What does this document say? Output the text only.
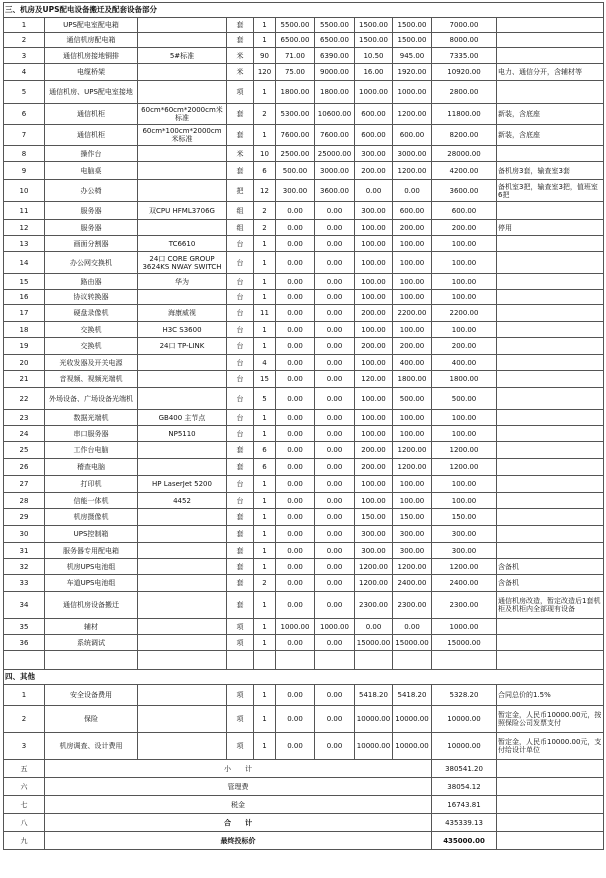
三、机房及UPS配电设备搬迁及配套设备部分										
1	UPS配电室配电箱		套	1	5500.00	5500.00	1500.00	1500.00	7000.00	
2	通信机房配电箱		套	1	6500.00	6500.00	1500.00	1500.00	8000.00	
3	通信机房接地铜排	5#标准	米	90	71.00	6390.00	10.50	945.00	7335.00	
4	电缆桥架		米	120	75.00	9000.00	16.00	1920.00	10920.00	电力、通信分开，含辅材等
5	通信机房、UPS配电室接地		项	1	1800.00	1800.00	1000.00	1000.00	2800.00	
6	通信机柜	60cm*60cm*2000cm米标准	套	2	5300.00	10600.00	600.00	1200.00	11800.00	新装，含底座
7	通信机柜	60cm*100cm*2000cm米标准	套	1	7600.00	7600.00	600.00	600.00	8200.00	新装，含底座
8	操作台		米	10	2500.00	25000.00	300.00	3000.00	28000.00	
9	电脑桌		套	6	500.00	3000.00	200.00	1200.00	4200.00	备机房3套，输查室3套
10	办公椅		把	12	300.00	3600.00	0.00	0.00	3600.00	备机室3把，输查室3把，值班室6把
11	服务器	双CPU HFML3706G	组	2	0.00	0.00	300.00	600.00	600.00	
12	服务器		组	2	0.00	0.00	100.00	200.00	200.00	停用
13	画面分割器	TC6610	台	1	0.00	0.00	100.00	100.00	100.00	
14	办公网交换机	24口 CORE GROUP 3624KS NWAY SWITCH	台	1	0.00	0.00	100.00	100.00	100.00	
15	路由器	华为	台	1	0.00	0.00	100.00	100.00	100.00	
16	协议转换器		台	1	0.00	0.00	100.00	100.00	100.00	
17	硬盘录像机	海康威视	台	11	0.00	0.00	200.00	2200.00	2200.00	
18	交换机	H3C S3600	台	1	0.00	0.00	100.00	100.00	100.00	
19	交换机	24口 TP-LINK	台	1	0.00	0.00	200.00	200.00	200.00	
20	光收发器及开关电源		台	4	0.00	0.00	100.00	400.00	400.00	
21	音视频、视频光端机		台	15	0.00	0.00	120.00	1800.00	1800.00	
22	外场设备、广场设备光端机		台	5	0.00	0.00	100.00	500.00	500.00	
23	数据光端机	GB400 主节点	台	1	0.00	0.00	100.00	100.00	100.00	
24	串口服务器	NP5110	台	1	0.00	0.00	100.00	100.00	100.00	
25	工作台电脑		套	6	0.00	0.00	200.00	1200.00	1200.00	
26	稽查电脑		套	6	0.00	0.00	200.00	1200.00	1200.00	
27	打印机	HP LaserJet 5200	台	1	0.00	0.00	100.00	100.00	100.00	
28	信能一体机	4452	台	1	0.00	0.00	100.00	100.00	100.00	
29	机房摄像机		套	1	0.00	0.00	150.00	150.00	150.00	
30	UPS控制箱		套	1	0.00	0.00	300.00	300.00	300.00	
31	服务器专用配电箱		套	1	0.00	0.00	300.00	300.00	300.00	
32	机房UPS电池组		套	1	0.00	0.00	1200.00	1200.00	1200.00	含备机
33	车道UPS电池组		套	2	0.00	0.00	1200.00	2400.00	2400.00	含备机
34	通信机房设备搬迁		套	1	0.00	0.00	2300.00	2300.00	2300.00	通信机房改造，暂定改造后1套机柜及机柜内全部现有设备
35	辅材		项	1	1000.00	1000.00	0.00	0.00	1000.00	
36	系统调试		项	1	0.00	0.00	15000.00	15000.00	15000.00	

四、其他										
1	安全设备费用		项	1	0.00	0.00	5418.20	5418.20	5328.20	合同总价的1.5%
2	保险		项	1	0.00	0.00	10000.00	10000.00	10000.00	暂定金，人民币10000.00元，按照保险公司发票支付
3	机房调查、设计费用		项	1	0.00	0.00	10000.00	10000.00	10000.00	暂定金，人民币10000.00元，支付给设计单位
五	小　　计								380541.20	
六	管理费								38054.12	
七	税金								16743.81	
八	合　　计								435339.13	
九	最终投标价								435000.00	
